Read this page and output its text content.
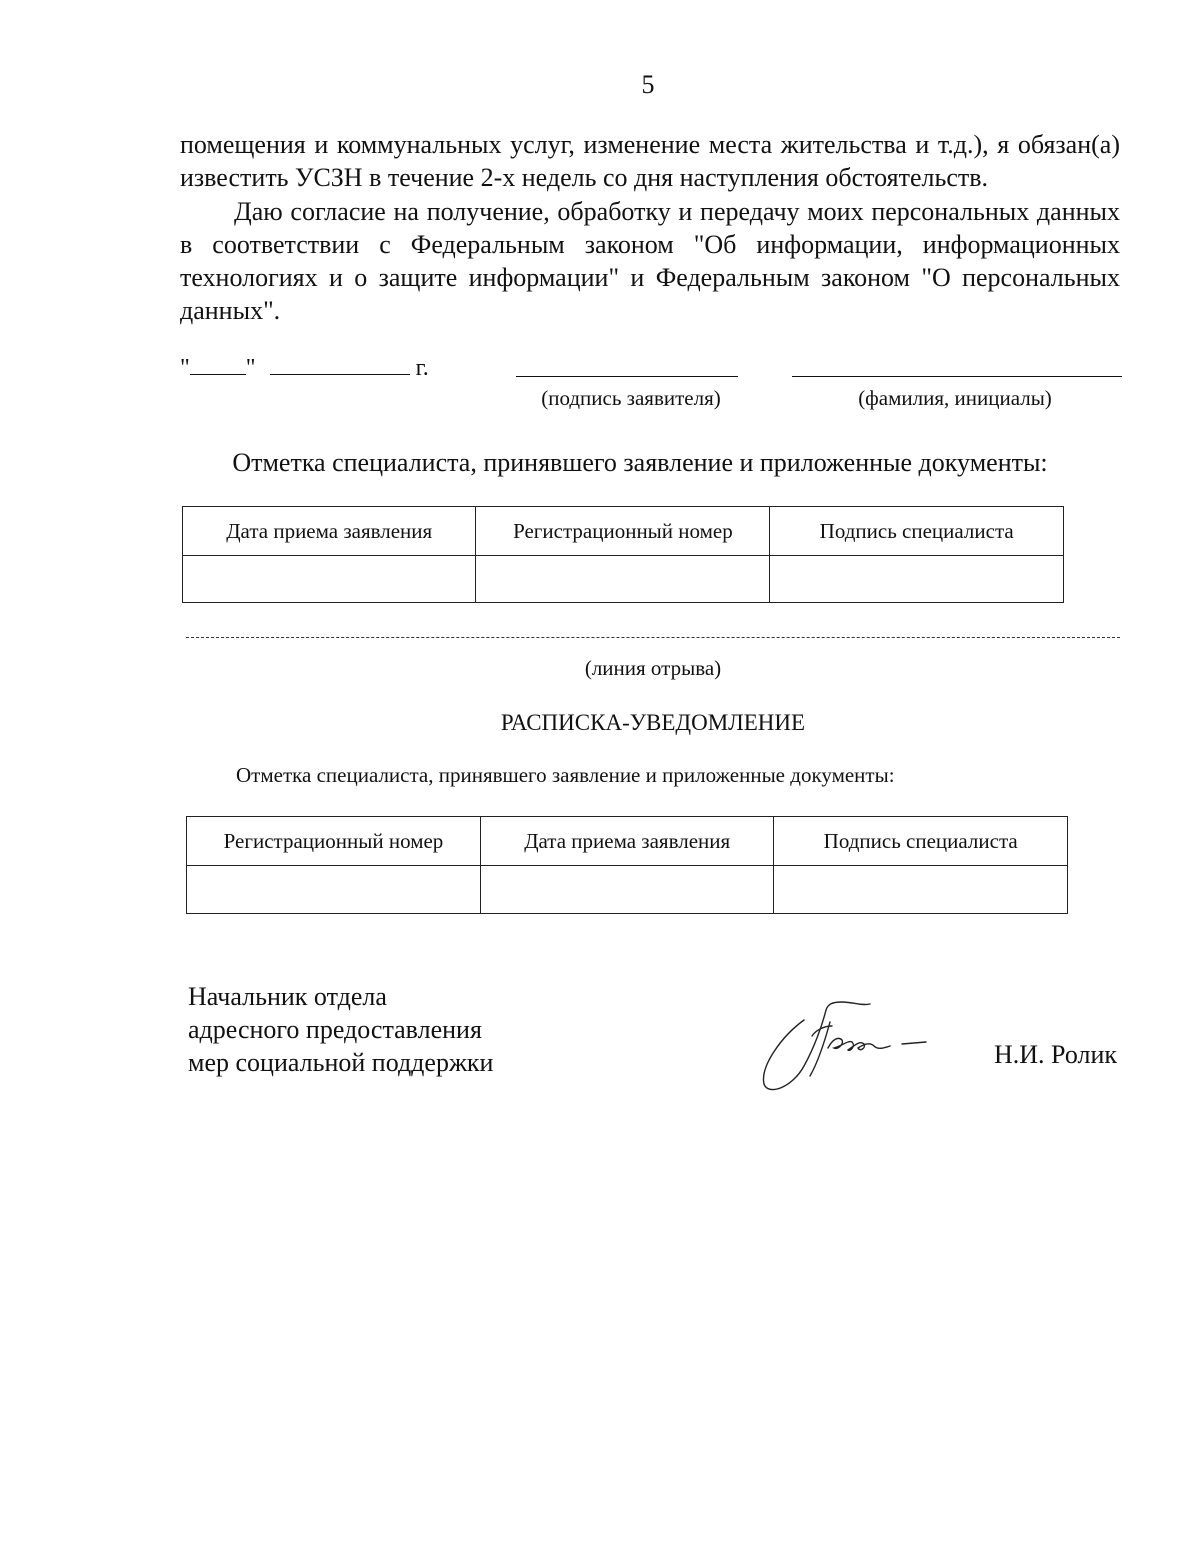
5
помещения и коммунальных услуг, изменение места жительства и т.д.), я обязан(а) известить УСЗН в течение 2-х недель со дня наступления обстоятельств.
Даю согласие на получение, обработку и передачу моих персональных данных в соответствии с Федеральным законом "Об информации, информационных технологиях и о защите информации" и Федеральным законом "О персональных данных".
" "	г.
(подпись заявителя)	(фамилия, инициалы)
Отметка специалиста, принявшего заявление и приложенные документы:
Дата приема заявления	Регистрационный номер	Подпись специалиста

(линия отрыва)
РАСПИСКА-УВЕДОМЛЕНИЕ
Отметка специалиста, принявшего заявление и приложенные документы:
Регистрационный номер	Дата приема заявления	Подпись специалиста

Начальник отдела
адресного предоставления
мер социальной поддержки	Н.И. Ролик
